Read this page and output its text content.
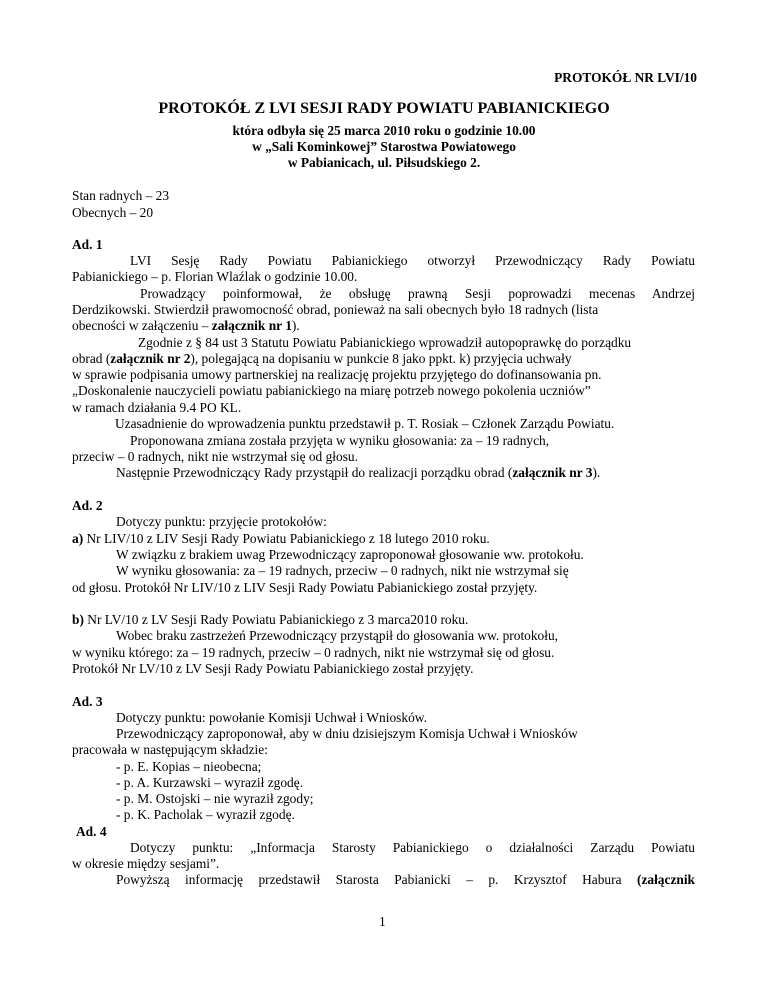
PROTOKÓŁ NR LVI/10
PROTOKÓŁ Z LVI SESJI RADY POWIATU PABIANICKIEGO
która odbyła się 25 marca 2010 roku o godzinie 10.00
w „Sali Kominkowej” Starostwa Powiatowego
w Pabianicach, ul. Piłsudskiego 2.
Stan radnych – 23
Obecnych – 20
Ad. 1
LVI Sesję Rady Powiatu Pabianickiego otworzył Przewodniczący Rady Powiatu
Pabianickiego – p. Florian Wlaźlak o godzinie 10.00.
Prowadzący poinformował, że obsługę prawną Sesji poprowadzi mecenas Andrzej
Derdzikowski. Stwierdził prawomocność obrad, ponieważ na sali obecnych było 18 radnych (lista
obecności w załączeniu – załącznik nr 1).
Zgodnie z § 84 ust 3 Statutu Powiatu Pabianickiego wprowadził autopoprawkę do porządku
obrad (załącznik nr 2), polegającą na dopisaniu w punkcie 8 jako ppkt. k) przyjęcia uchwały
w sprawie podpisania umowy partnerskiej na realizację projektu przyjętego do dofinansowania pn.
„Doskonalenie nauczycieli powiatu pabianickiego na miarę potrzeb nowego pokolenia uczniów”
w ramach działania 9.4 PO KL.
Uzasadnienie do wprowadzenia punktu przedstawił p. T. Rosiak – Członek Zarządu Powiatu.
Proponowana zmiana została przyjęta w wyniku głosowania: za – 19 radnych,
przeciw – 0 radnych, nikt nie wstrzymał się od głosu.
Następnie Przewodniczący Rady przystąpił do realizacji porządku obrad (załącznik nr 3).
Ad. 2
Dotyczy punktu: przyjęcie protokołów:
a) Nr LIV/10 z LIV Sesji Rady Powiatu Pabianickiego z 18 lutego 2010 roku.
W związku z brakiem uwag Przewodniczący zaproponował głosowanie ww. protokołu.
W wyniku głosowania: za – 19 radnych, przeciw – 0 radnych, nikt nie wstrzymał się
od głosu. Protokół Nr LIV/10 z LIV Sesji Rady Powiatu Pabianickiego został przyjęty.
b) Nr LV/10 z LV Sesji Rady Powiatu Pabianickiego z 3 marca2010 roku.
Wobec braku zastrzeżeń Przewodniczący przystąpił do głosowania ww. protokołu,
w wyniku którego: za – 19 radnych, przeciw – 0 radnych, nikt nie wstrzymał się od głosu.
Protokół Nr LV/10 z LV Sesji Rady Powiatu Pabianickiego został przyjęty.
Ad. 3
Dotyczy punktu: powołanie Komisji Uchwał i Wniosków.
Przewodniczący zaproponował, aby w dniu dzisiejszym Komisja Uchwał i Wniosków
pracowała w następującym składzie:
- p. E. Kopias – nieobecna;
- p. A. Kurzawski – wyraził zgodę.
- p. M. Ostojski – nie wyraził zgody;
- p. K. Pacholak – wyraził zgodę.
Ad. 4
Dotyczy punktu: „Informacja Starosty Pabianickiego o działalności Zarządu Powiatu
w okresie między sesjami”.
Powyższą informację przedstawił Starosta Pabianicki – p. Krzysztof Habura (załącznik
1
